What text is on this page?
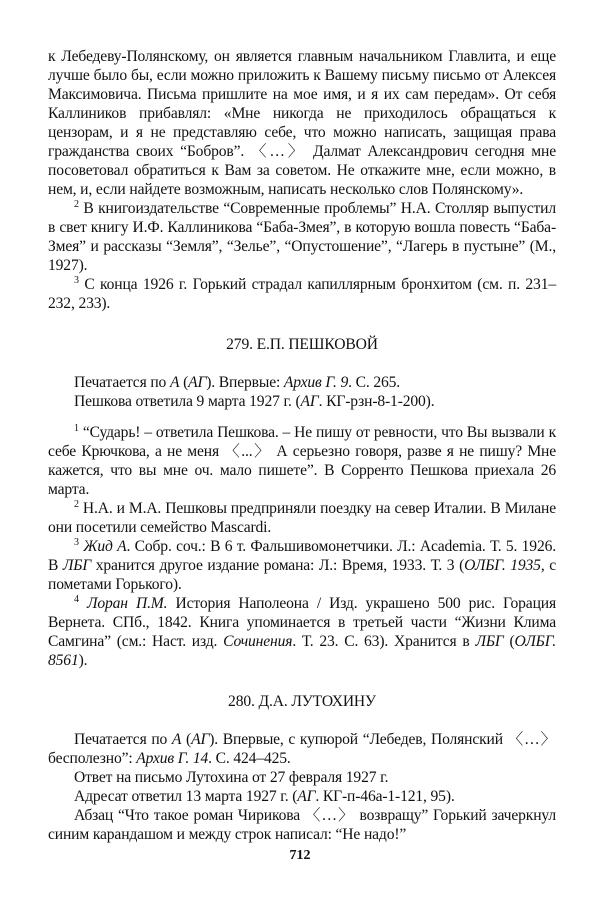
к Лебедеву-Полянскому, он является главным начальником Главлита, и еще лучше было бы, если можно приложить к Вашему письму письмо от Алексея Максимовича. Письма пришлите на мое имя, и я их сам передам». От себя Каллиников прибавлял: «Мне никогда не приходилось обращаться к цензорам, и я не представляю себе, что можно написать, защищая права гражданства своих “Бобров”. 〈…〉 Далмат Александрович сегодня мне посоветовал обратиться к Вам за советом. Не откажите мне, если можно, в нем, и, если найдете возможным, написать несколько слов Полянскому».

$^2$ В книгоиздательстве “Современные проблемы” Н.А. Столляр выпустил в свет книгу И.Ф. Каллиникова “Баба-Змея”, в которую вошла повесть “Баба-Змея” и рассказы “Земля”, “Зелье”, “Опустошение”, “Лагерь в пустыне” (М., 1927).

$^3$ С конца 1926 г. Горький страдал капиллярным бронхитом (см. п. 231–232, 233).

279. Е.П. ПЕШКОВОЙ

Печатается по А (АГ). Впервые: Архив Г. 9. С. 265.

Пешкова ответила 9 марта 1927 г. (АГ. КГ-рзн-8-1-200).

$^1$ “Сударь! – ответила Пешкова. – Не пишу от ревности, что Вы вызвали к себе Крючкова, а не меня 〈...〉 А серьезно говоря, разве я не пишу? Мне кажется, что вы мне оч. мало пишете”. В Сорренто Пешкова приехала 26 марта.

$^2$ Н.А. и М.А. Пешковы предприняли поездку на север Италии. В Милане они посетили семейство Mascardi.

$^3$ Жид А. Собр. соч.: В 6 т. Фальшивомонетчики. Л.: Academia. Т. 5. 1926. В ЛБГ хранится другое издание романа: Л.: Время, 1933. Т. 3 (ОЛБГ. 1935, с пометами Горького).

$^4$ Лоран П.М. История Наполеона / Изд. украшено 500 рис. Горация Вернета. СПб., 1842. Книга упоминается в третьей части “Жизни Клима Самгина” (см.: Наст. изд. Сочинения. Т. 23. С. 63). Хранится в ЛБГ (ОЛБГ. 8561).

280. Д.А. ЛУТОХИНУ

Печатается по А (АГ). Впервые, с купюрой “Лебедев, Полянский 〈…〉 бесполезно”: Архив Г. 14. С. 424–425.

Ответ на письмо Лутохина от 27 февраля 1927 г.

Адресат ответил 13 марта 1927 г. (АГ. КГ-п-46а-1-121, 95).

Абзац “Что такое роман Чирикова 〈…〉 возвращу” Горький зачеркнул синим карандашом и между строк написал: “Не надо!”

712
